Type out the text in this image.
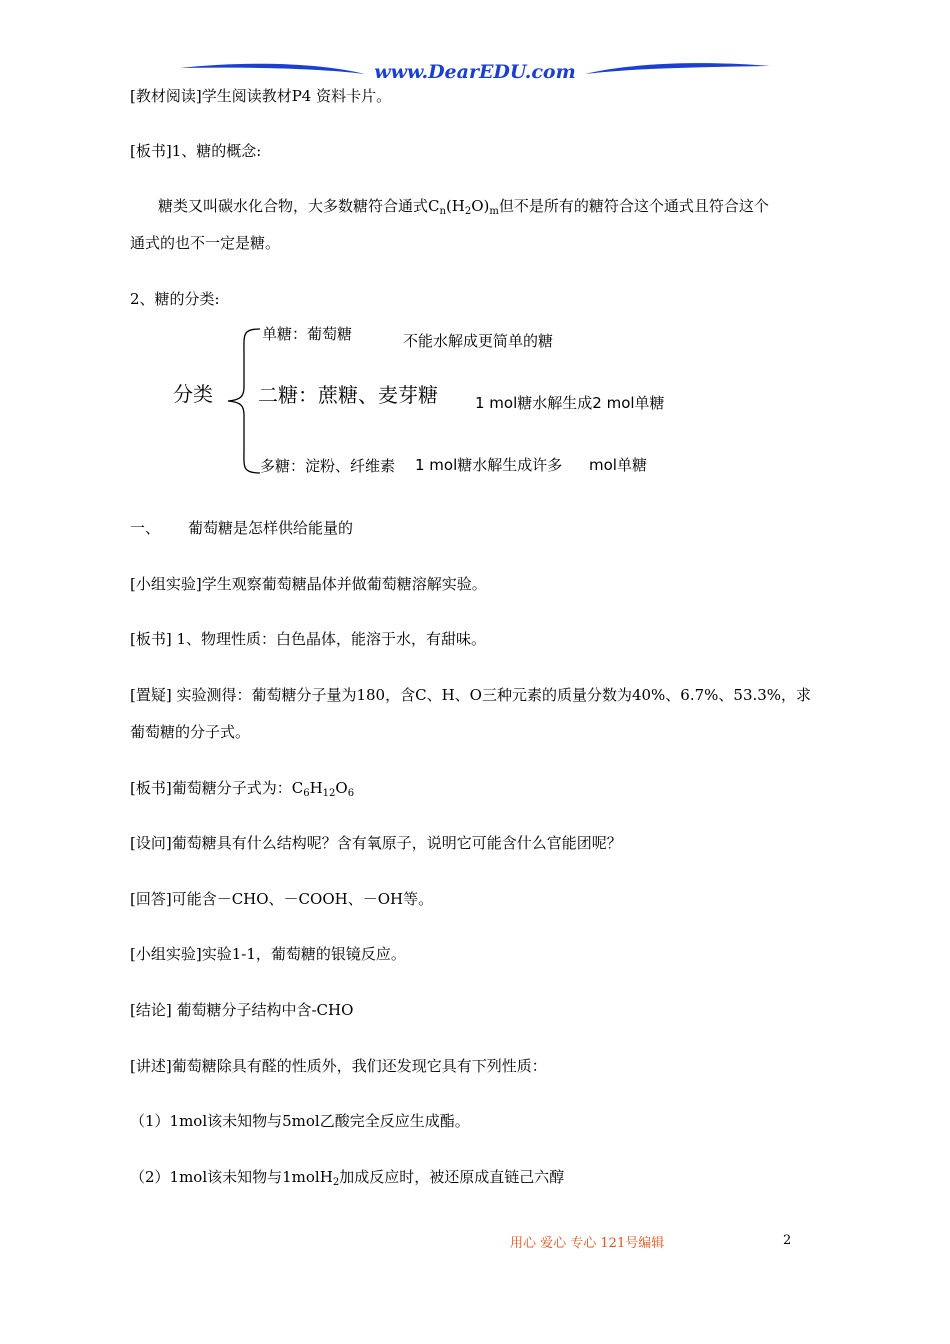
www.DearEDU.com
[教材阅读]学生阅读教材P4 资料卡片。
[板书]1、糖的概念:
糖类又叫碳水化合物，大多数糖符合通式$C_n(H_2O)_m$但不是所有的糖符合这个通式且符合这个
通式的也不一定是糖。
2、糖的分类:
分类
单糖：葡萄糖	不能水解成更简单的糖
二糖：蔗糖、麦芽糖 1 mol糖水解生成2 mol单糖
多糖：淀粉、纤维素 1 mol糖水解生成许多 mol单糖
一、 葡萄糖是怎样供给能量的
[小组实验]学生观察葡萄糖晶体并做葡萄糖溶解实验。
[板书] 1、物理性质：白色晶体，能溶于水，有甜味。
[置疑] 实验测得：葡萄糖分子量为180，含C、H、O三种元素的质量分数为40%、6.7%、53.3%，求
葡萄糖的分子式。
[板书]葡萄糖分子式为：$C_6H_{12}O_6$
[设问]葡萄糖具有什么结构呢？含有氧原子，说明它可能含什么官能团呢？
[回答]可能含－CHO、－COOH、－OH等。
[小组实验]实验1-1，葡萄糖的银镜反应。
[结论] 葡萄糖分子结构中含-CHO
[讲述]葡萄糖除具有醛的性质外，我们还发现它具有下列性质：
（1）1mol该未知物与5mol乙酸完全反应生成酯。
（2）1mol该未知物与1molH$_2$加成反应时，被还原成直链己六醇
用心 爱心 专心 121号编辑	2
